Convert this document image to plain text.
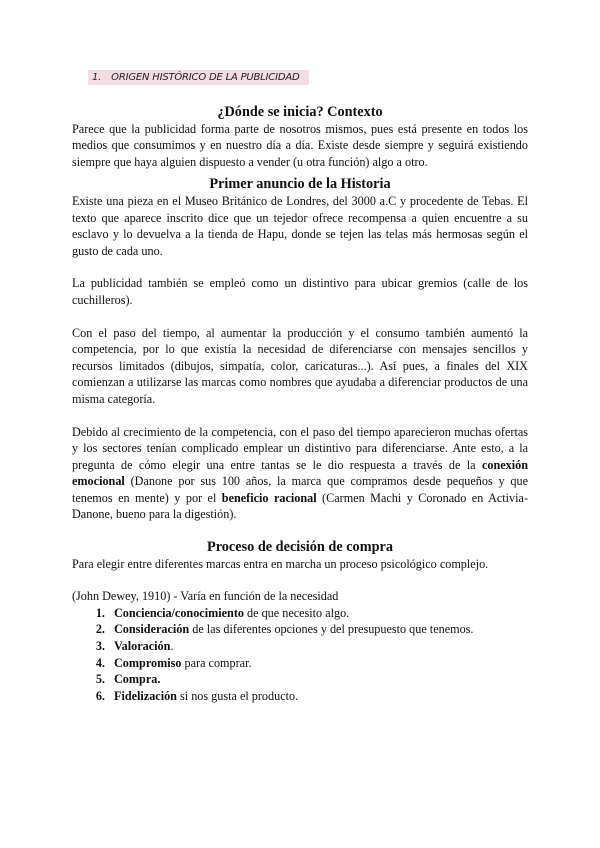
1. ORIGEN HISTÓRICO DE LA PUBLICIDAD
¿Dónde se inicia? Contexto

Parece que la publicidad forma parte de nosotros mismos, pues está presente en todos los medios que consumimos y en nuestro día a día. Existe desde siempre y seguirá existiendo siempre que haya alguien dispuesto a vender (u otra función) algo a otro.

Primer anuncio de la Historia

Existe una pieza en el Museo Británico de Londres, del 3000 a.C y procedente de Tebas. El texto que aparece inscrito dice que un tejedor ofrece recompensa a quien encuentre a su esclavo y lo devuelva a la tienda de Hapu, donde se tejen las telas más hermosas según el gusto de cada uno.

La publicidad también se empleó como un distintivo para ubicar gremios (calle de los cuchilleros).

Con el paso del tiempo, al aumentar la producción y el consumo también aumentó la competencia, por lo que existía la necesidad de diferenciarse con mensajes sencillos y recursos limitados (dibujos, simpatía, color, caricaturas...). Así pues, a finales del XIX comienzan a utilizarse las marcas como nombres que ayudaba a diferenciar productos de una misma categoría.

Debido al crecimiento de la competencia, con el paso del tiempo aparecieron muchas ofertas y los sectores tenían complicado emplear un distintivo para diferenciarse. Ante esto, a la pregunta de cómo elegir una entre tantas se le dio respuesta a través de la conexión emocional (Danone por sus 100 años, la marca que compramos desde pequeños y que tenemos en mente) y por el beneficio racional (Carmen Machi y Coronado en Activia-Danone, bueno para la digestión).

Proceso de decisión de compra

Para elegir entre diferentes marcas entra en marcha un proceso psicológico complejo.

(John Dewey, 1910) - Varía en función de la necesidad

1. Conciencia/conocimiento de que necesito algo.
2. Consideración de las diferentes opciones y del presupuesto que tenemos.
3. Valoración.
4. Compromiso para comprar.
5. Compra.
6. Fidelización si nos gusta el producto.
